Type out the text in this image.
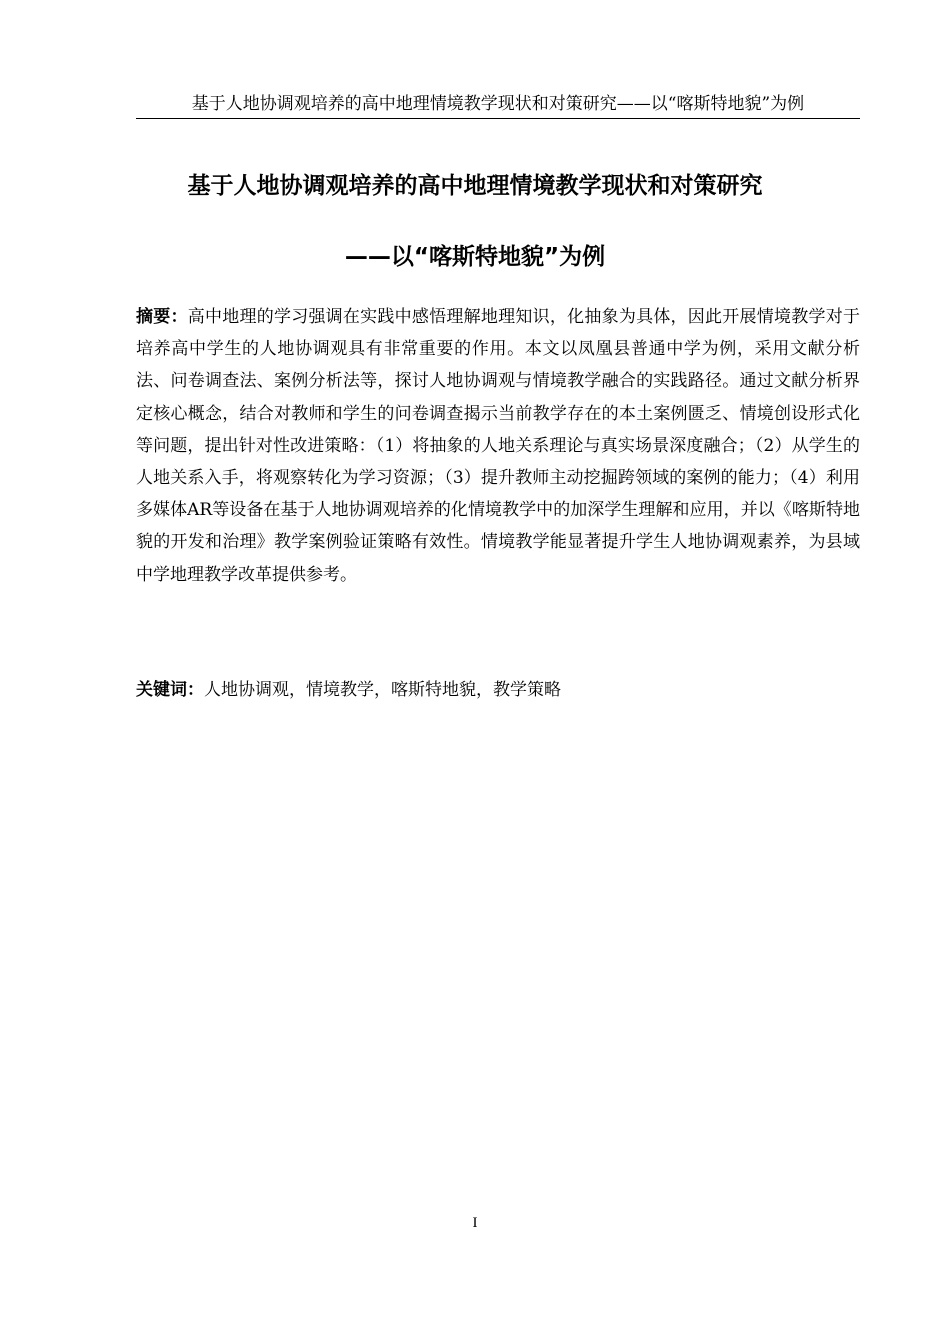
基于人地协调观培养的高中地理情境教学现状和对策研究——以“喀斯特地貌”为例
基于人地协调观培养的高中地理情境教学现状和对策研究
——以“喀斯特地貌”为例

摘要：高中地理的学习强调在实践中感悟理解地理知识，化抽象为具体，因此开展情境教学对于培养高中学生的人地协调观具有非常重要的作用。本文以凤凰县普通中学为例，采用文献分析法、问卷调查法、案例分析法等，探讨人地协调观与情境教学融合的实践路径。通过文献分析界定核心概念，结合对教师和学生的问卷调查揭示当前教学存在的本土案例匮乏、情境创设形式化等问题，提出针对性改进策略：（1）将抽象的人地关系理论与真实场景深度融合；（2）从学生的人地关系入手，将观察转化为学习资源；（3）提升教师主动挖掘跨领域的案例的能力；（4）利用多媒体AR等设备在基于人地协调观培养的化情境教学中的加深学生理解和应用，并以《喀斯特地貌的开发和治理》教学案例验证策略有效性。情境教学能显著提升学生人地协调观素养，为县域中学地理教学改革提供参考。

关键词：人地协调观，情境教学，喀斯特地貌，教学策略

I
